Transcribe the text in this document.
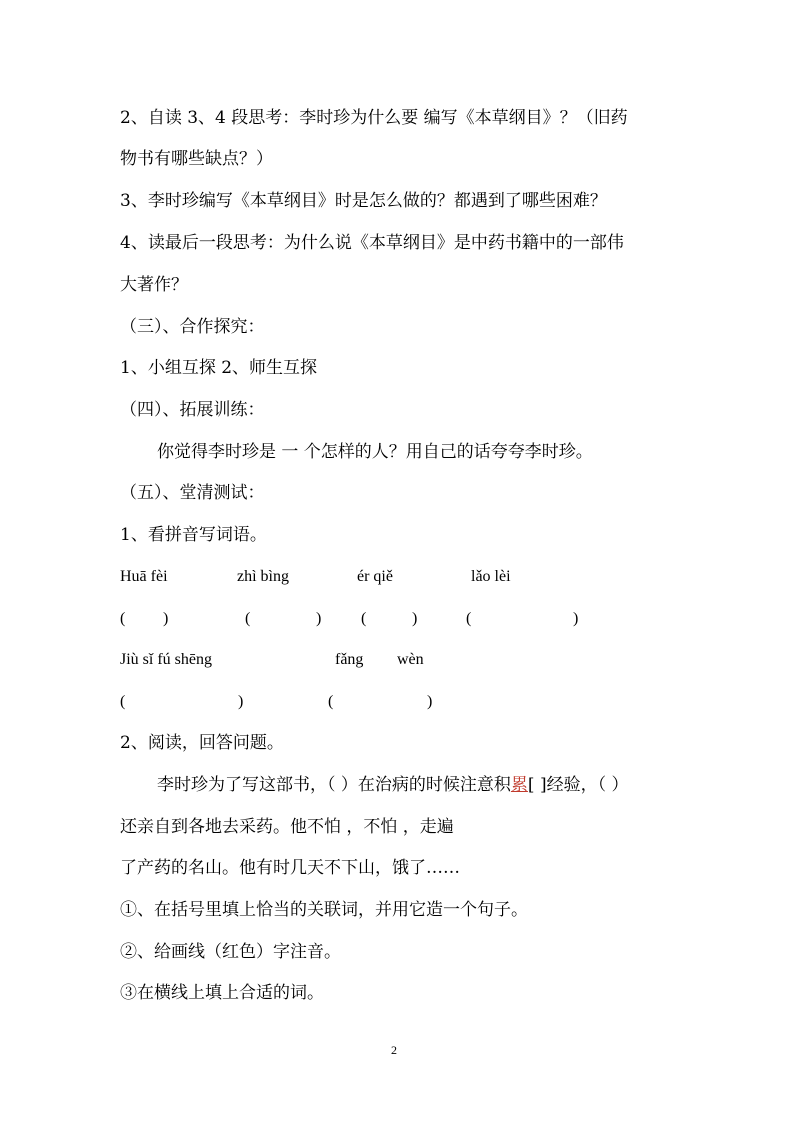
2、自读 3、4 段思考：李时珍为什么要 编写《本草纲目》？（旧药
物书有哪些缺点？）
3、李时珍编写《本草纲目》时是怎么做的？都遇到了哪些困难？
4、读最后一段思考：为什么说《本草纲目》是中药书籍中的一部伟
大著作？
（三）、合作探究：
1、小组互探 2、师生互探
（四）、拓展训练：
你觉得李时珍是 一 个怎样的人？用自己的话夸夸李时珍。
（五）、堂清测试：
1、看拼音写词语。
Huā fèi	zhì bìng	ér qiě	lǎo lèi
( )	(	) (	)	(	)
Jiù sǐ fú shēng	fǎng wèn
(	)	(	)
2、阅读，回答问题。
李时珍为了写这部书，（ ）在治病的时候注意积累[ ]经验，（ ）
还亲自到各地去采药。他不怕 ，不怕 ，走遍
了产药的名山。他有时几天不下山，饿了……
①、在括号里填上恰当的关联词，并用它造一个句子。
②、给画线（红色）字注音。
③在横线上填上合适的词。
2
